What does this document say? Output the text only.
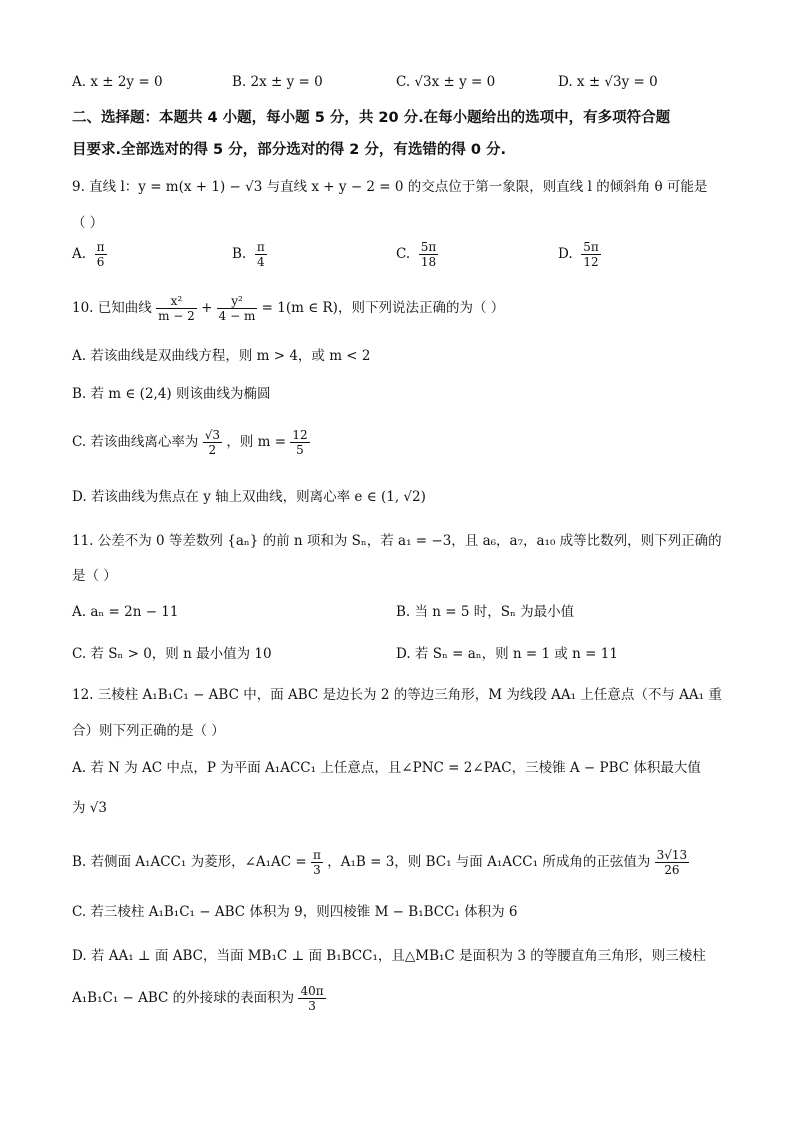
A. x ± 2y = 0	B. 2x ± y = 0	C. √3x ± y = 0	D. x ± √3y = 0
二、选择题：本题共 4 小题，每小题 5 分，共 20 分.在每小题给出的选项中，有多项符合题
目要求.全部选对的得 5 分，部分选对的得 2 分，有选错的得 0 分.
9. 直线 l：y = m(x + 1) − √3 与直线 x + y − 2 = 0 的交点位于第一象限，则直线 l 的倾斜角 θ 可能是
（ ）
A. $\frac{\pi}{6}$	B. $\frac{\pi}{4}$	C. $\frac{5\pi}{18}$	D. $\frac{5\pi}{12}$
10. 已知曲线 $\frac{\text{x²}}{m - 2} + \frac{\text{y²}}{4 - m} = 1(m$ ∈ R)，则下列说法正确的为（ ）
A. 若该曲线是双曲线方程，则 m > 4，或 m < 2
B. 若 m ∈ (2,4) 则该曲线为椭圆
C. 若该曲线离心率为 $\frac{√3}{2}$ ，则 $m = \frac{12}{5}$
D. 若该曲线为焦点在 y 轴上双曲线，则离心率 e ∈ (1, √2)
11. 公差不为 0 等差数列 {aₙ} 的前 n 项和为 Sₙ，若 a₁ = −3，且 a₆，a₇，a₁₀ 成等比数列，则下列正确的
是（ ）
A. aₙ = 2n − 11	B. 当 n = 5 时，Sₙ 为最小值
C. 若 Sₙ > 0，则 n 最小值为 10	D. 若 Sₙ = aₙ，则 n = 1 或 n = 11
12. 三棱柱 A₁B₁C₁ − ABC 中，面 ABC 是边长为 2 的等边三角形，M 为线段 AA₁ 上任意点（不与 AA₁ 重
合）则下列正确的是（ ）
A. 若 N 为 AC 中点，P 为平面 A₁ACC₁ 上任意点，且∠PNC = 2∠PAC，三棱锥 A − PBC 体积最大值
为 √3
B. 若侧面 A₁ACC₁ 为菱形，∠A₁AC = $\frac{\pi}{3}$ ，A₁B = 3，则 BC₁ 与面 A₁ACC₁ 所成角的正弦值为 $\frac{3√13}{26}$
C. 若三棱柱 A₁B₁C₁ − ABC 体积为 9，则四棱锥 M − B₁BCC₁ 体积为 6
D. 若 AA₁ ⊥ 面 ABC，当面 MB₁C ⊥ 面 B₁BCC₁，且△MB₁C 是面积为 3 的等腰直角三角形，则三棱柱
A₁B₁C₁ − ABC 的外接球的表面积为 $\frac{40\pi}{3}$
